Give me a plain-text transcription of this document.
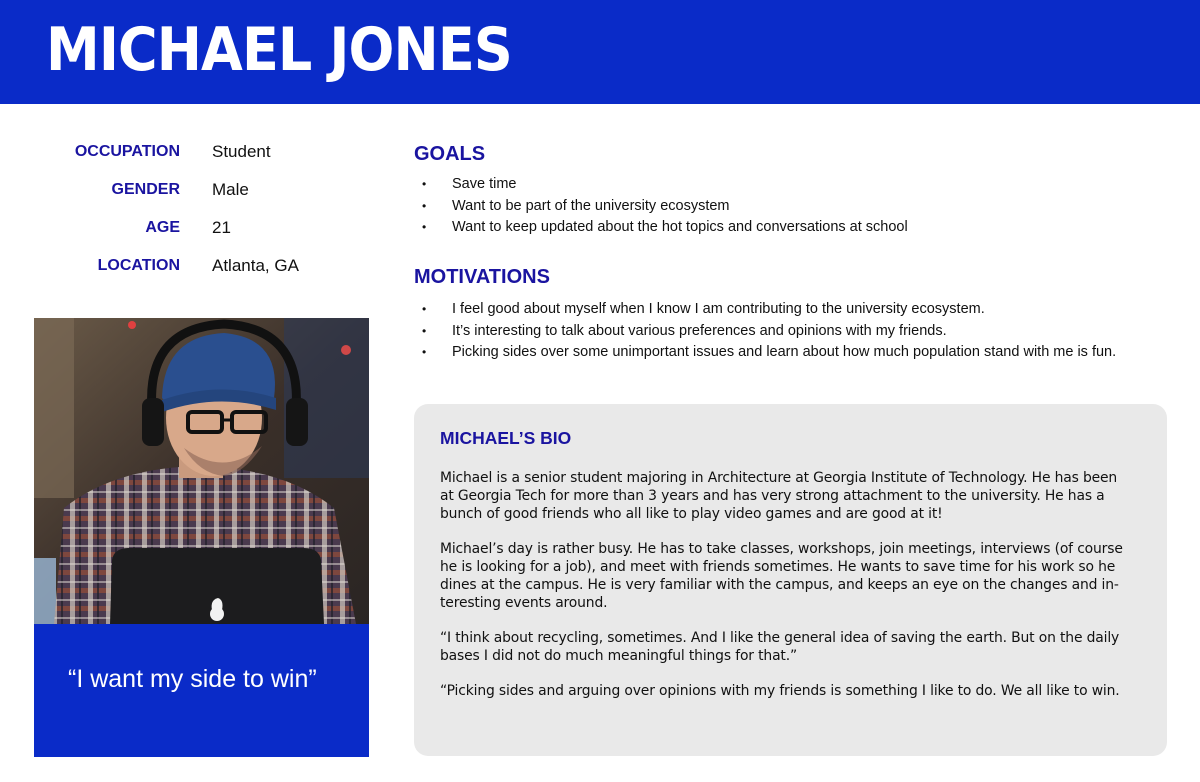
MICHAEL JONES
OCCUPATION Student
GENDER Male
AGE 21
LOCATION Atlanta, GA
“I want my side to win”
GOALS
• Save time
• Want to be part of the university ecosystem
• Want to keep updated about the hot topics and conversations at school
MOTIVATIONS
• I feel good about myself when I know I am contributing to the university ecosystem.
• It’s interesting to talk about various preferences and opinions with my friends.
• Picking sides over some unimportant issues and learn about how much population stand with me is fun.
MICHAEL’S BIO
Michael is a senior student majoring in Architecture at Georgia Institute of Technology. He has been
at Georgia Tech for more than 3 years and has very strong attachment to the university. He has a
bunch of good friends who all like to play video games and are good at it!
Michael’s day is rather busy. He has to take classes, workshops, join meetings, interviews (of course
he is looking for a job), and meet with friends sometimes. He wants to save time for his work so he
dines at the campus. He is very familiar with the campus, and keeps an eye on the changes and in-
teresting events around.
“I think about recycling, sometimes. And I like the general idea of saving the earth. But on the daily
bases I did not do much meaningful things for that.”
“Picking sides and arguing over opinions with my friends is something I like to do. We all like to win.
